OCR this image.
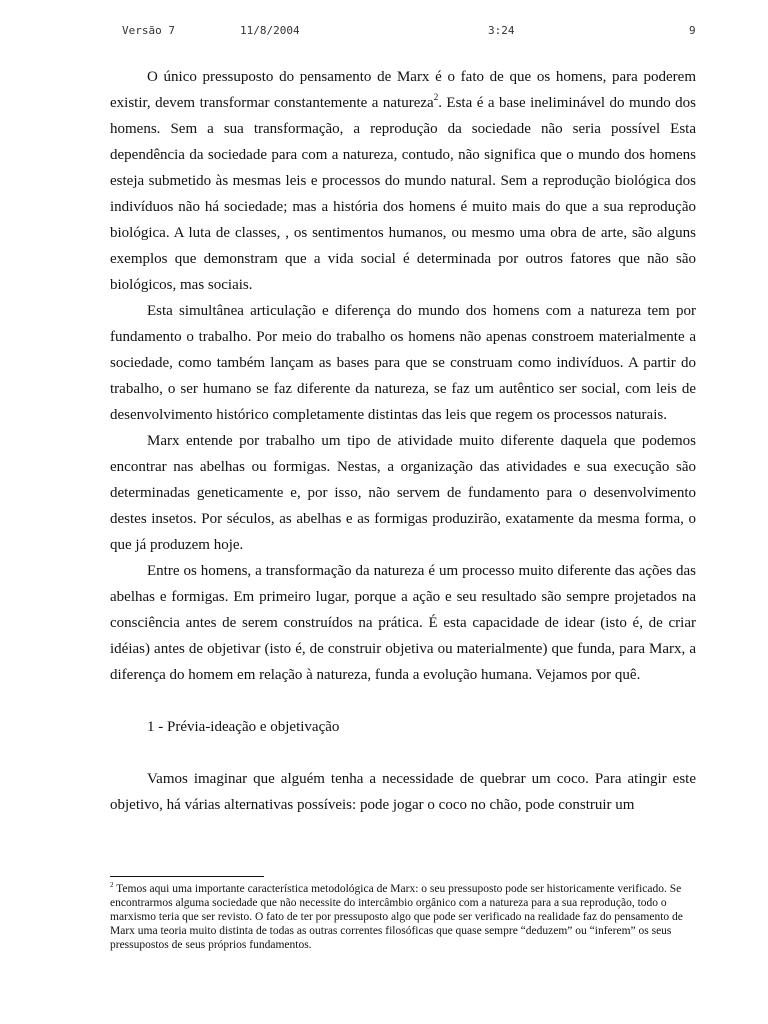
Versão 7	11/8/2004	3:24	9

O único pressuposto do pensamento de Marx é o fato de que os homens, para poderem existir, devem transformar constantemente a natureza$^2$. Esta é a base ineliminável do mundo dos homens. Sem a sua transformação, a reprodução da sociedade não seria possível Esta dependência da sociedade para com a natureza, contudo, não significa que o mundo dos homens esteja submetido às mesmas leis e processos do mundo natural. Sem a reprodução biológica dos indivíduos não há sociedade; mas a história dos homens é muito mais do que a sua reprodução biológica. A luta de classes, , os sentimentos humanos, ou mesmo uma obra de arte, são alguns exemplos que demonstram que a vida social é determinada por outros fatores que não são biológicos, mas sociais.

Esta simultânea articulação e diferença do mundo dos homens com a natureza tem por fundamento o trabalho. Por meio do trabalho os homens não apenas constroem materialmente a sociedade, como também lançam as bases para que se construam como indivíduos. A partir do trabalho, o ser humano se faz diferente da natureza, se faz um autêntico ser social, com leis de desenvolvimento histórico completamente distintas das leis que regem os processos naturais.

Marx entende por trabalho um tipo de atividade muito diferente daquela que podemos encontrar nas abelhas ou formigas. Nestas, a organização das atividades e sua execução são determinadas geneticamente e, por isso, não servem de fundamento para o desenvolvimento destes insetos. Por séculos, as abelhas e as formigas produzirão, exatamente da mesma forma, o que já produzem hoje.

Entre os homens, a transformação da natureza é um processo muito diferente das ações das abelhas e formigas. Em primeiro lugar, porque a ação e seu resultado são sempre projetados na consciência antes de serem construídos na prática. É esta capacidade de idear (isto é, de criar idéias) antes de objetivar (isto é, de construir objetiva ou materialmente) que funda, para Marx, a diferença do homem em relação à natureza, funda a evolução humana. Vejamos por quê.

1 - Prévia-ideação e objetivação

Vamos imaginar que alguém tenha a necessidade de quebrar um coco. Para atingir este objetivo, há várias alternativas possíveis: pode jogar o coco no chão, pode construir um

$^2$ Temos aqui uma importante característica metodológica de Marx: o seu pressuposto pode ser historicamente verificado. Se encontrarmos alguma sociedade que não necessite do intercâmbio orgânico com a natureza para a sua reprodução, todo o marxismo teria que ser revisto. O fato de ter por pressuposto algo que pode ser verificado na realidade faz do pensamento de Marx uma teoria muito distinta de todas as outras correntes filosóficas que quase sempre “deduzem” ou “inferem” os seus pressupostos de seus próprios fundamentos.
